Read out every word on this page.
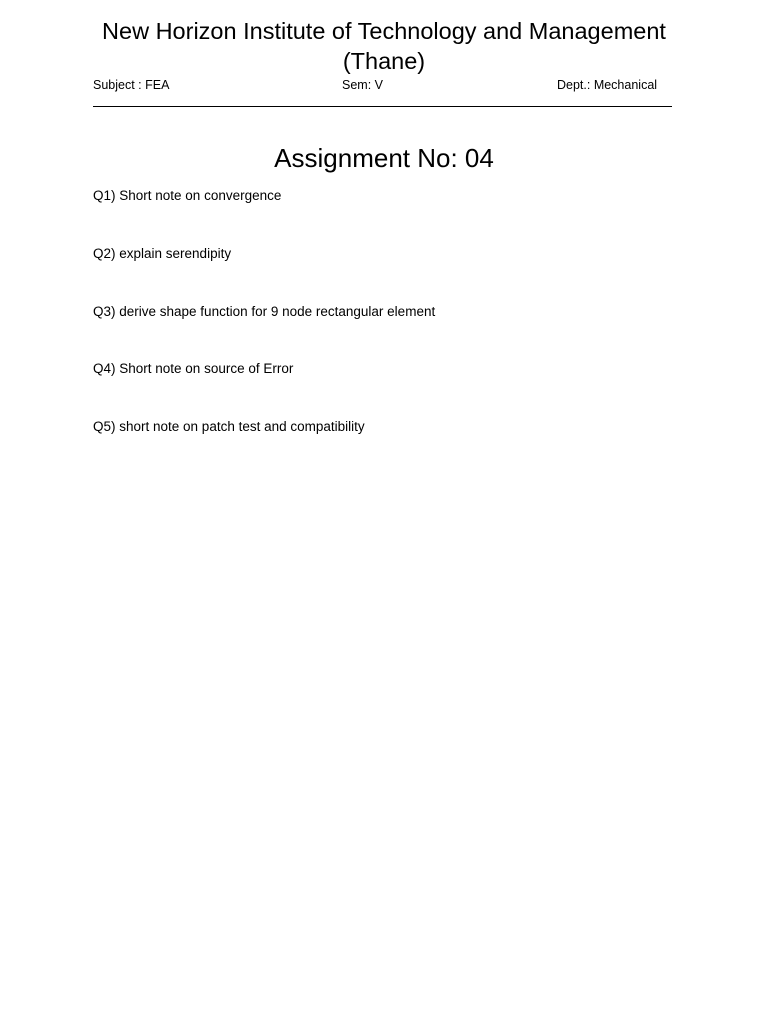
New Horizon Institute of Technology and Management
(Thane)
Subject : FEA	Sem: V	Dept.: Mechanical
Assignment No: 04
Q1) Short note on convergence
Q2) explain serendipity
Q3) derive shape function for 9 node rectangular element
Q4) Short note on source of Error
Q5) short note on patch test and compatibility
